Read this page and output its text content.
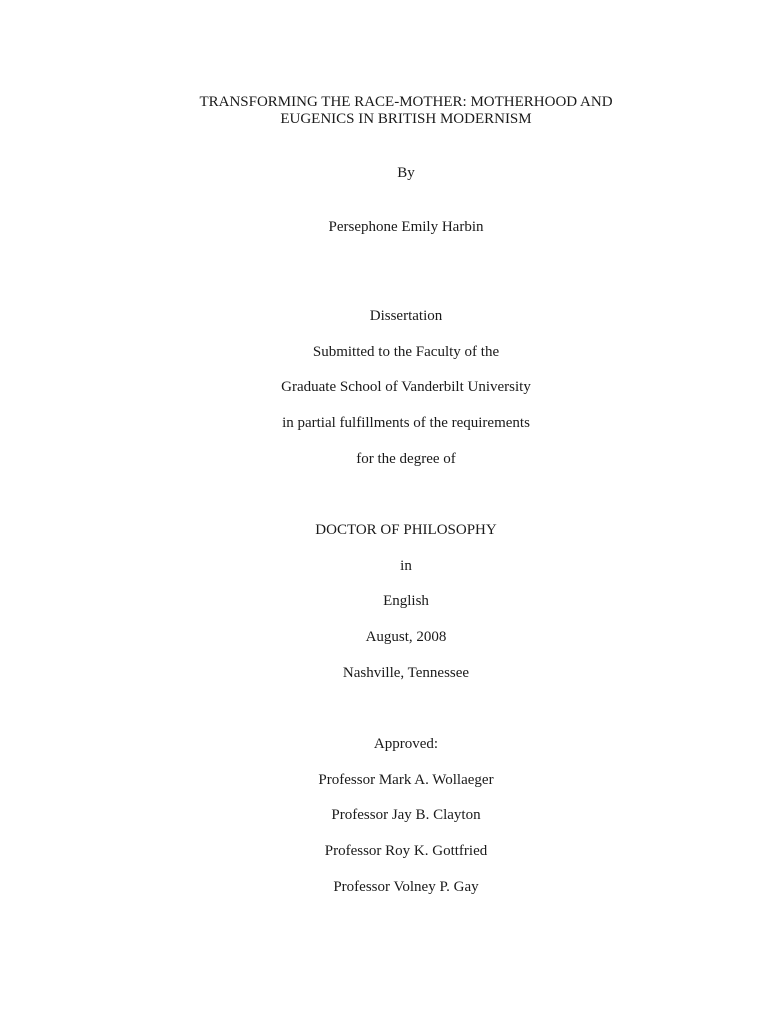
TRANSFORMING THE RACE-MOTHER: MOTHERHOOD AND
EUGENICS IN BRITISH MODERNISM
By
Persephone Emily Harbin
Dissertation
Submitted to the Faculty of the
Graduate School of Vanderbilt University
in partial fulfillments of the requirements
for the degree of
DOCTOR OF PHILOSOPHY
in
English
August, 2008
Nashville, Tennessee
Approved:
Professor Mark A. Wollaeger
Professor Jay B. Clayton
Professor Roy K. Gottfried
Professor Volney P. Gay
